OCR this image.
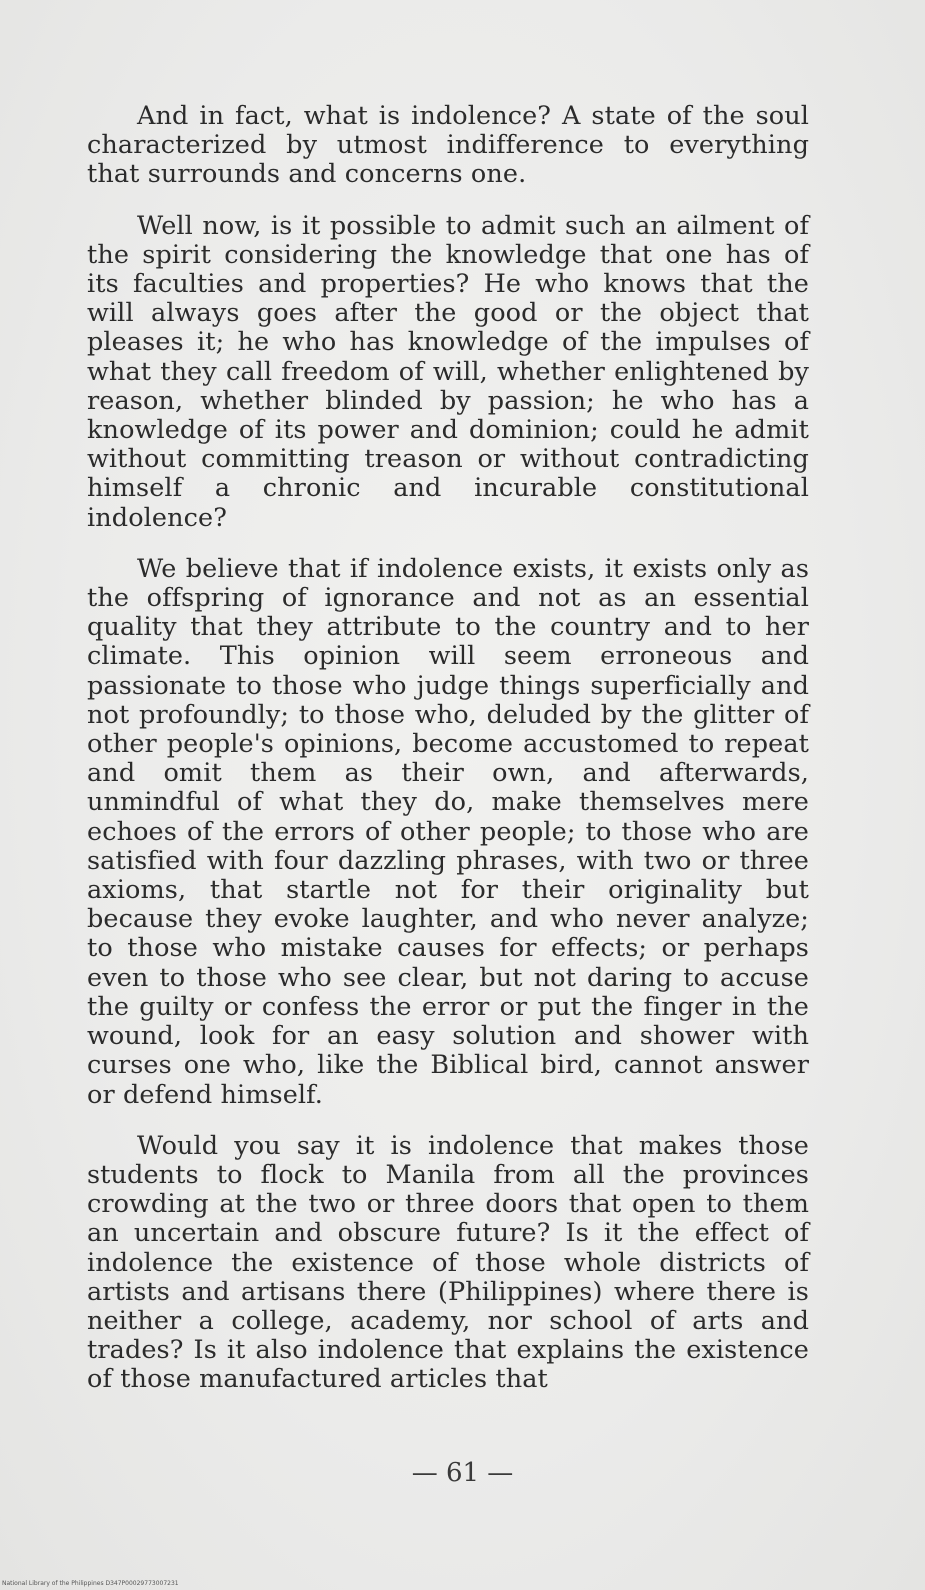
And in fact, what is indolence? A state of the soul characterized by utmost indifference to everything that surrounds and concerns one.

Well now, is it possible to admit such an ailment of the spirit considering the knowledge that one has of its faculties and properties? He who knows that the will always goes after the good or the object that pleases it; he who has knowledge of the impulses of what they call freedom of will, whether enlightened by reason, whether blinded by passion; he who has a knowledge of its power and dominion; could he admit without committing treason or without contradicting himself a chronic and incurable constitutional indolence?

We believe that if indolence exists, it exists only as the offspring of ignorance and not as an essential quality that they attribute to the country and to her climate. This opinion will seem erroneous and passionate to those who judge things superficially and not profoundly; to those who, deluded by the glitter of other people's opinions, become accustomed to repeat and omit them as their own, and afterwards, unmindful of what they do, make themselves mere echoes of the errors of other people; to those who are satisfied with four dazzling phrases, with two or three axioms, that startle not for their originality but because they evoke laughter, and who never analyze; to those who mistake causes for effects; or perhaps even to those who see clear, but not daring to accuse the guilty or confess the error or put the finger in the wound, look for an easy solution and shower with curses one who, like the Biblical bird, cannot answer or defend himself.

Would you say it is indolence that makes those students to flock to Manila from all the provinces crowding at the two or three doors that open to them an uncertain and obscure future? Is it the effect of indolence the existence of those whole districts of artists and artisans there (Philippines) where there is neither a college, academy, nor school of arts and trades? Is it also indolence that explains the existence of those manufactured articles that

— 61 —
National Library of the Philippines D347P00029773007231
